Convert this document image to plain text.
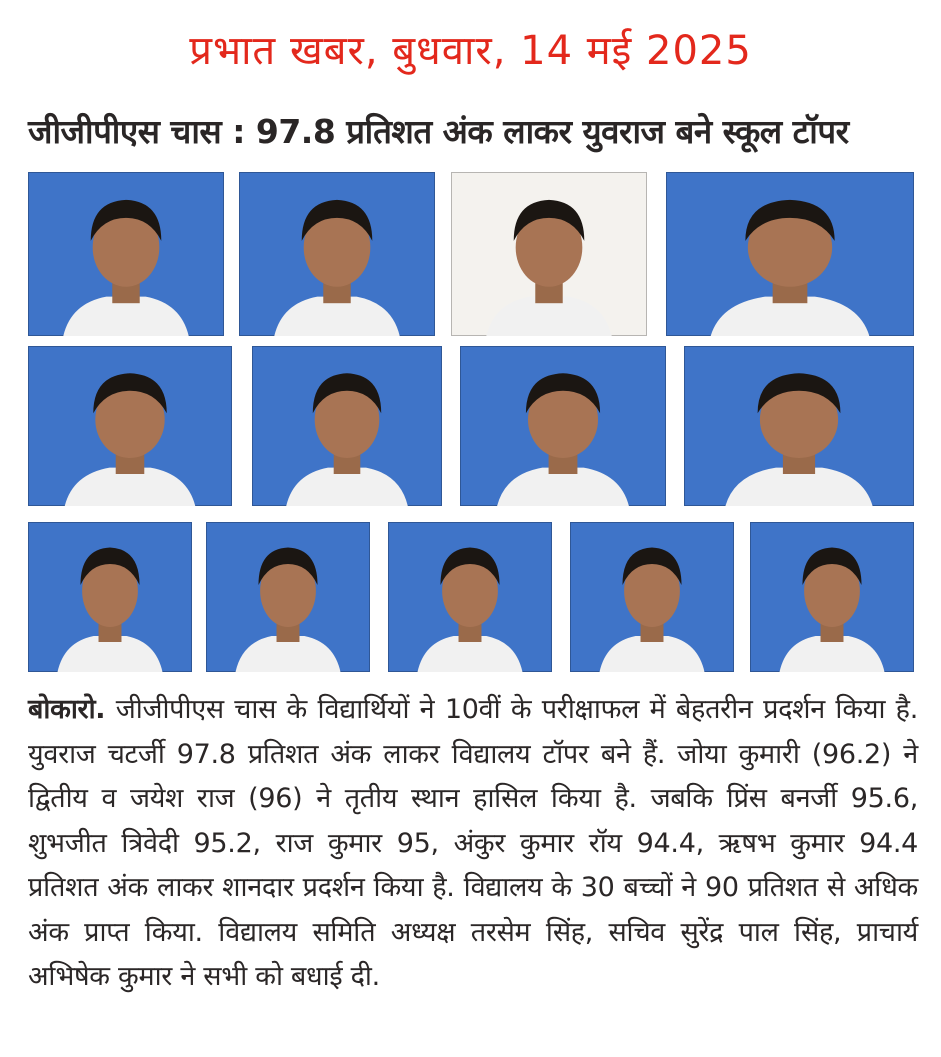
प्रभात खबर, बुधवार, 14 मई 2025
जीजीपीएस चास : 97.8 प्रतिशत अंक लाकर युवराज बने स्कूल टॉपर
बोकारो. जीजीपीएस चास के विद्यार्थियों ने 10वीं के परीक्षाफल में बेहतरीन प्रदर्शन किया है. युवराज चटर्जी 97.8 प्रतिशत अंक लाकर विद्यालय टॉपर बने हैं. जोया कुमारी (96.2) ने द्वितीय व जयेश राज (96) ने तृतीय स्थान हासिल किया है. जबकि प्रिंस बनर्जी 95.6, शुभजीत त्रिवेदी 95.2, राज कुमार 95, अंकुर कुमार रॉय 94.4, ऋषभ कुमार 94.4 प्रतिशत अंक लाकर शानदार प्रदर्शन किया है. विद्यालय के 30 बच्चों ने 90 प्रतिशत से अधिक अंक प्राप्त किया. विद्यालय समिति अध्यक्ष तरसेम सिंह, सचिव सुरेंद्र पाल सिंह, प्राचार्य अभिषेक कुमार ने सभी को बधाई दी.
